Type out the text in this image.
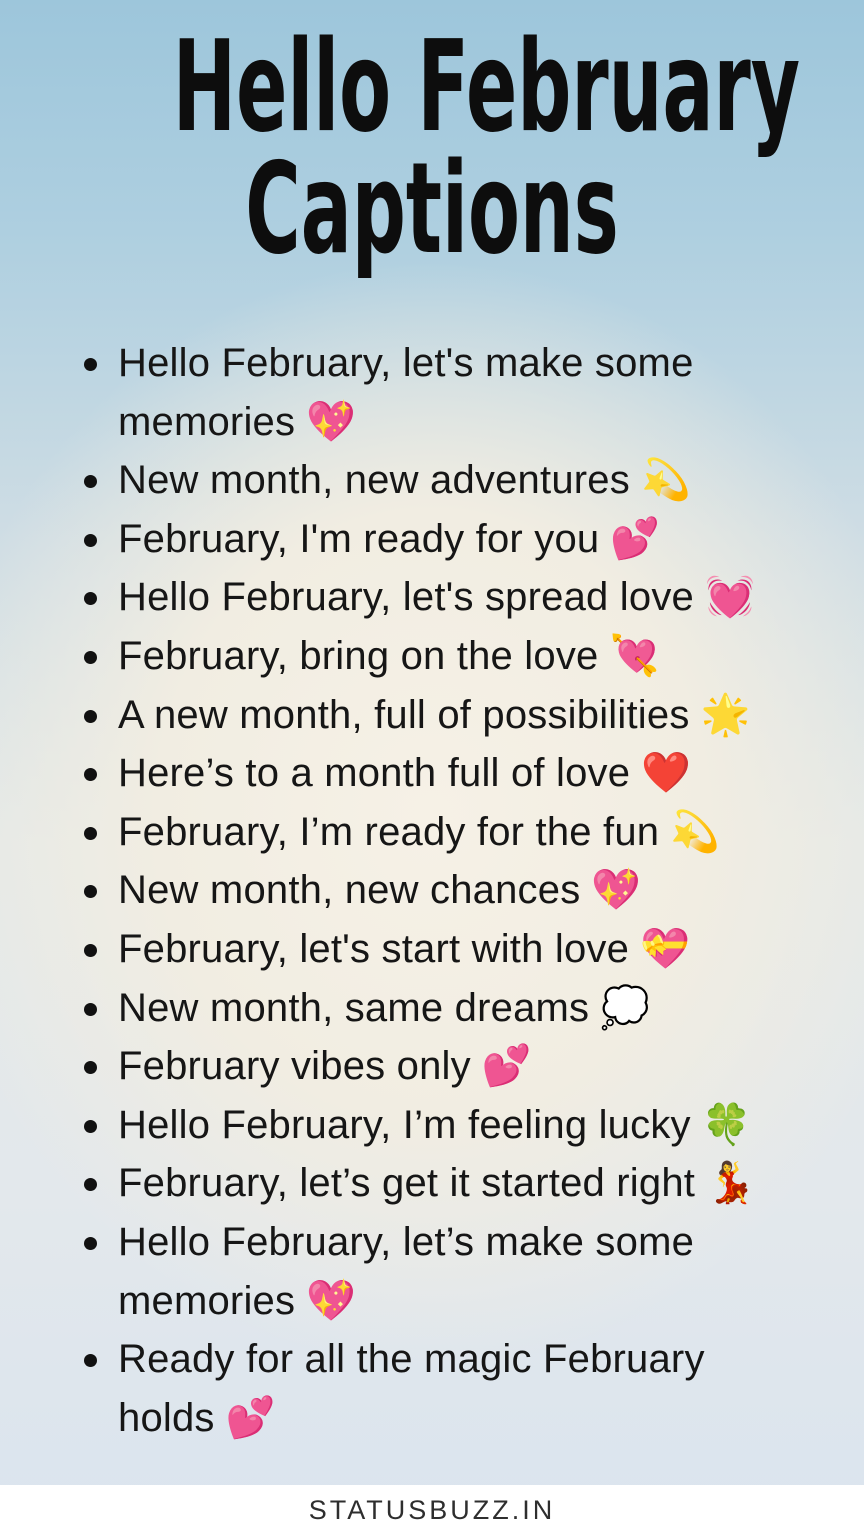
Hello February
Captions
Hello February, let's make some memories 💖
New month, new adventures 💫
February, I'm ready for you 💕
Hello February, let's spread love 💓
February, bring on the love 💘
A new month, full of possibilities 🌟
Here’s to a month full of love ❤️
February, I’m ready for the fun 💫
New month, new chances 💖
February, let's start with love 💝
New month, same dreams 💭
February vibes only 💕
Hello February, I’m feeling lucky 🍀
February, let’s get it started right 💃
Hello February, let’s make some memories 💖
Ready for all the magic February holds 💕
STATUSBUZZ.IN
